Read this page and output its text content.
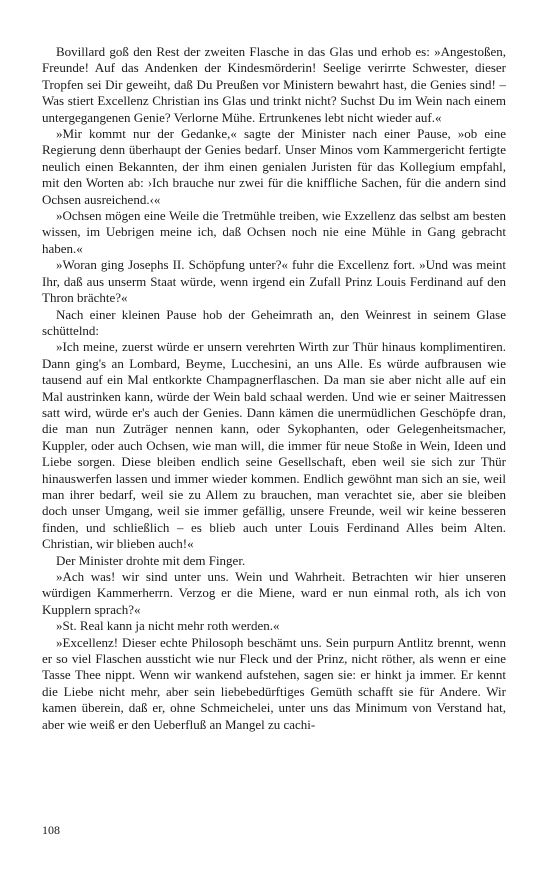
Bovillard goß den Rest der zweiten Flasche in das Glas und erhob es: »Angestoßen, Freunde! Auf das Andenken der Kindesmörderin! Seelige verirrte Schwester, dieser Tropfen sei Dir geweiht, daß Du Preußen vor Ministern bewahrt hast, die Genies sind! – Was stiert Excellenz Christian ins Glas und trinkt nicht? Suchst Du im Wein nach einem untergegangenen Genie? Verlorne Mühe. Ertrunkenes lebt nicht wieder auf.«

»Mir kommt nur der Gedanke,« sagte der Minister nach einer Pause, »ob eine Regierung denn überhaupt der Genies bedarf. Unser Minos vom Kammergericht fertigte neulich einen Bekannten, der ihm einen genialen Juristen für das Kollegium empfahl, mit den Worten ab: ›Ich brauche nur zwei für die kniffliche Sachen, für die andern sind Ochsen ausreichend.‹«

»Ochsen mögen eine Weile die Tretmühle treiben, wie Exzellenz das selbst am besten wissen, im Uebrigen meine ich, daß Ochsen noch nie eine Mühle in Gang gebracht haben.«

»Woran ging Josephs II. Schöpfung unter?« fuhr die Excellenz fort. »Und was meint Ihr, daß aus unserm Staat würde, wenn irgend ein Zufall Prinz Louis Ferdinand auf den Thron brächte?«

Nach einer kleinen Pause hob der Geheimrath an, den Weinrest in seinem Glase schüttelnd:

»Ich meine, zuerst würde er unsern verehrten Wirth zur Thür hinaus komplimentiren. Dann ging's an Lombard, Beyme, Lucchesini, an uns Alle. Es würde aufbrausen wie tausend auf ein Mal entkorkte Champagnerflaschen. Da man sie aber nicht alle auf ein Mal austrinken kann, würde der Wein bald schaal werden. Und wie er seiner Maitressen satt wird, würde er's auch der Genies. Dann kämen die unermüdlichen Geschöpfe dran, die man nun Zuträger nennen kann, oder Sykophanten, oder Gelegenheitsmacher, Kuppler, oder auch Ochsen, wie man will, die immer für neue Stoße in Wein, Ideen und Liebe sorgen. Diese bleiben endlich seine Gesellschaft, eben weil sie sich zur Thür hinauswerfen lassen und immer wieder kommen. Endlich gewöhnt man sich an sie, weil man ihrer bedarf, weil sie zu Allem zu brauchen, man verachtet sie, aber sie bleiben doch unser Umgang, weil sie immer gefällig, unsere Freunde, weil wir keine besseren finden, und schließlich – es blieb auch unter Louis Ferdinand Alles beim Alten. Christian, wir blieben auch!«

Der Minister drohte mit dem Finger.

»Ach was! wir sind unter uns. Wein und Wahrheit. Betrachten wir hier unseren würdigen Kammerherrn. Verzog er die Miene, ward er nun einmal roth, als ich von Kupplern sprach?«

»St. Real kann ja nicht mehr roth werden.«

»Excellenz! Dieser echte Philosoph beschämt uns. Sein purpurn Antlitz brennt, wenn er so viel Flaschen aussticht wie nur Fleck und der Prinz, nicht röther, als wenn er eine Tasse Thee nippt. Wenn wir wankend aufstehen, sagen sie: er hinkt ja immer. Er kennt die Liebe nicht mehr, aber sein liebebedürftiges Gemüth schafft sie für Andere. Wir kamen überein, daß er, ohne Schmeichelei, unter uns das Minimum von Verstand hat, aber wie weiß er den Ueberfluß an Mangel zu cachi-

108
